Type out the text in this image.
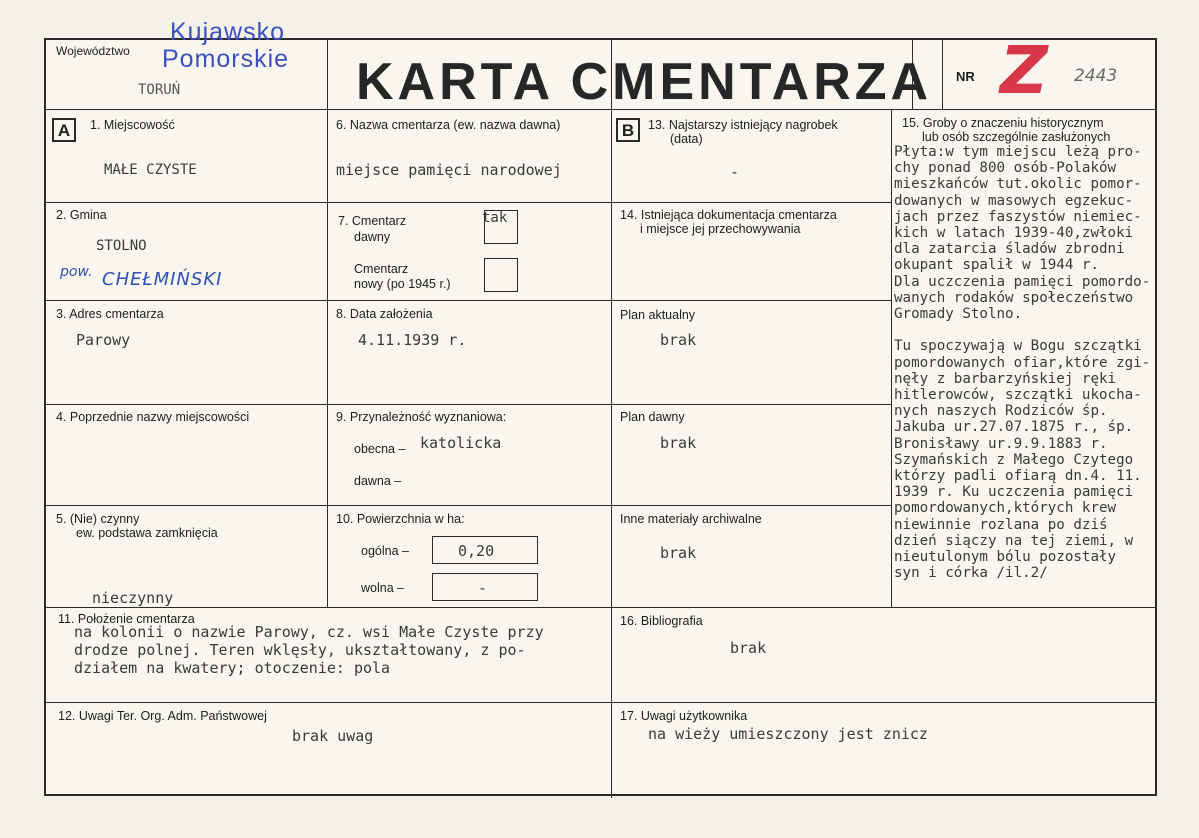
Województwo
TORUŃ	KARTA CMENTARZA NR
A	1. Miejscowość
MAŁE CZYSTE
2. Gmina
STOLNO
pow. CHEŁMIŃSKI
3. Adres cmentarza
Parowy
4. Poprzednie nazwy miejscowości
5. (Nie) czynny
ew. podstawa zamknięcia
nieczynny
6. Nazwa cmentarza (ew. nazwa dawna)
miejsce pamięci narodowej
7. Cmentarz
dawny
tak
Cmentarz
nowy (po 1945 r.)
8. Data założenia
4.11.1939 r.
9. Przynależność wyznaniowa:
obecna – katolicka
dawna –
10. Powierzchnia w ha:
ogólna –	0,20
wolna –	-
B	13. Najstarszy istniejący nagrobek
(data)
-
14. Istniejąca dokumentacja cmentarza
i miejsce jej przechowywania
Plan aktualny
brak
Plan dawny
brak
Inne materiały archiwalne
brak
15. Groby o znaczeniu historycznym
lub osób szczególnie zasłużonych
Płyta:w tym miejscu leżą pro-
chy ponad 800 osób-Polaków
mieszkańców tut.okolic pomor-
dowanych w masowych egzekuc-
jach przez faszystów niemiec-
kich w latach 1939-40,zwłoki
dla zatarcia śladów zbrodni
okupant spalił w 1944 r.
Dla uczczenia pamięci pomordo-
wanych rodaków społeczeństwo
Gromady Stolno.
Tu spoczywają w Bogu szczątki
pomordowanych ofiar,które zgi-
nęły z barbarzyńskiej ręki
hitlerowców, szczątki ukocha-
nych naszych Rodziców śp.
Jakuba ur.27.07.1875 r., śp.
Bronisławy ur.9.9.1883 r.
Szymańskich z Małego Czytego
którzy padli ofiarą dn.4. 11.
1939 r. Ku uczczenia pamięci
pomordowanych,których krew
niewinnie rozlana po dziś
dzień siączy na tej ziemi, w
nieutulonym bólu pozostały
syn i córka /il.2/
11. Położenie cmentarza
na kolonii o nazwie Parowy, cz. wsi Małe Czyste przy
drodze polnej. Teren wklęsły, ukształtowany, z po-
działem na kwatery; otoczenie: pola
16. Bibliografia
brak
12. Uwagi Ter. Org. Adm. Państwowej
brak uwag
17. Uwagi użytkownika
na wieży umieszczony jest znicz
Kujawsko
Pomorskie	Z 2443
